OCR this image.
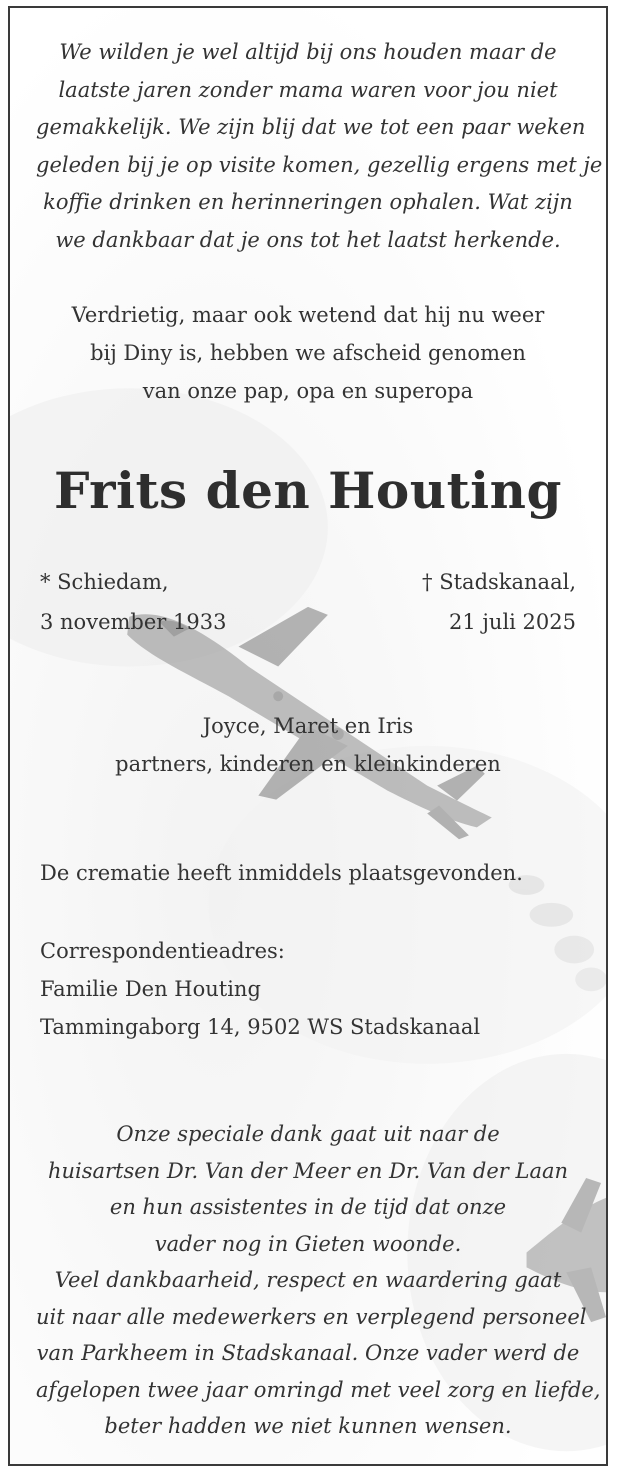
We wilden je wel altijd bij ons houden maar de
laatste jaren zonder mama waren voor jou niet
gemakkelijk. We zijn blij dat we tot een paar weken
geleden bij je op visite komen, gezellig ergens met je
koffie drinken en herinneringen ophalen. Wat zijn
we dankbaar dat je ons tot het laatst herkende.
Verdrietig, maar ook wetend dat hij nu weer
bij Diny is, hebben we afscheid genomen
van onze pap, opa en superopa
Frits den Houting
* Schiedam,
3 november 1933
† Stadskanaal,
21 juli 2025
Joyce, Maret en Iris
partners, kinderen en kleinkinderen
De crematie heeft inmiddels plaatsgevonden.
Correspondentieadres:
Familie Den Houting
Tammingaborg 14, 9502 WS Stadskanaal
Onze speciale dank gaat uit naar de
huisartsen Dr. Van der Meer en Dr. Van der Laan
en hun assistentes in de tijd dat onze
vader nog in Gieten woonde.
Veel dankbaarheid, respect en waardering gaat
uit naar alle medewerkers en verplegend personeel
van Parkheem in Stadskanaal. Onze vader werd de
afgelopen twee jaar omringd met veel zorg en liefde,
beter hadden we niet kunnen wensen.
